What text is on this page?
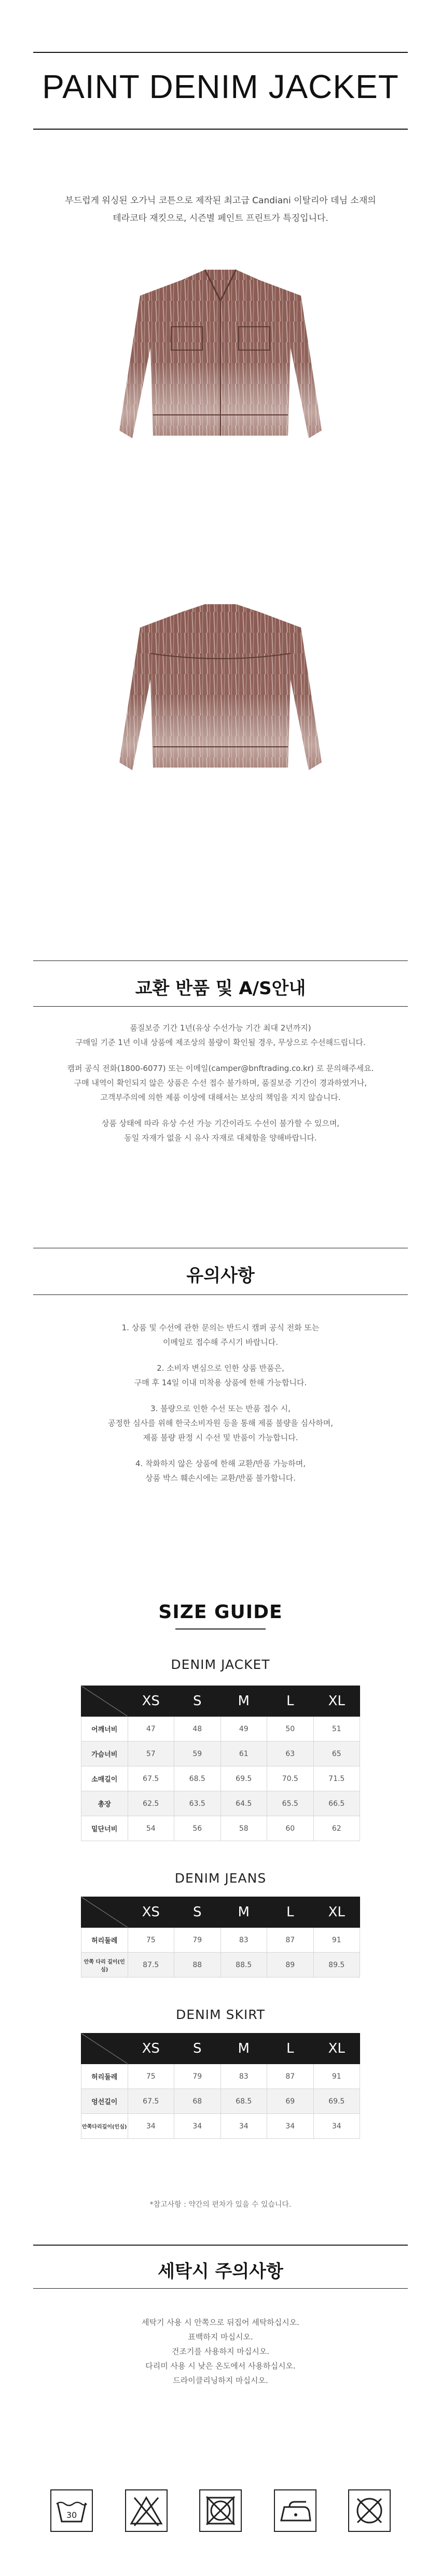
PAINT DENIM JACKET
부드럽게 워싱된 오가닉 코튼으로 제작된 최고급 Candiani 이탈리아 데님 소재의
테라코타 재킷으로, 시즌별 페인트 프린트가 특징입니다.
교환 반품 및 A/S안내

품질보증 기간 1년(유상 수선가능 기간 최대 2년까지)
구매일 기준 1년 이내 상품에 제조상의 불량이 확인될 경우, 무상으로 수선해드립니다.

캠퍼 공식 전화(1800-6077) 또는 이메일(camper@bnftrading.co.kr) 로 문의해주세요.
구매 내역이 확인되지 않은 상품은 수선 접수 불가하며, 품질보증 기간이 경과하였거나,
고객부주의에 의한 제품 이상에 대해서는 보상의 책임을 지지 않습니다.

상품 상태에 따라 유상 수선 가능 기간이라도 수선이 불가할 수 있으며,
동일 자재가 없을 시 유사 자재로 대체함을 양해바랍니다.

유의사항

1. 상품 및 수선에 관한 문의는 반드시 캠퍼 공식 전화 또는
이메일로 접수해 주시기 바랍니다.

2. 소비자 변심으로 인한 상품 반품은,
구매 후 14일 이내 미착용 상품에 한해 가능합니다.

3. 불량으로 인한 수선 또는 반품 접수 시,
공정한 심사를 위해 한국소비자원 등을 통해 제품 불량을 심사하며,
제품 불량 판정 시 수선 및 반품이 가능합니다.

4. 착화하지 않은 상품에 한해 교환/반품 가능하며,
상품 박스 훼손시에는 교환/반품 불가합니다.

SIZE GUIDE
DENIM JACKET
	XS	S	M	L	XL
어깨너비	47	48	49	50	51
가슴너비	57	59	61	63	65
소매길이	67.5	68.5	69.5	70.5	71.5
총장	62.5	63.5	64.5	65.5	66.5
밑단너비	54	56	58	60	62
DENIM JEANS
	XS	S	M	L	XL
허리둘레	75	79	83	87	91
안쪽 다리 길이(인심)	87.5	88	88.5	89	89.5
DENIM SKIRT
	XS	S	M	L	XL
허리둘레	75	79	83	87	91
엉선길이	67.5	68	68.5	69	69.5
안쪽다리길이(인심)	34	34	34	34	34
*참고사항 : 약간의 편차가 있을 수 있습니다.
세탁시 주의사항
세탁기 사용 시 안쪽으로 뒤집어 세탁하십시오.
표백하지 마십시오.
건조기를 사용하지 마십시오.
다리미 사용 시 낮은 온도에서 사용하십시오.
드라이클리닝하지 마십시오.
30
